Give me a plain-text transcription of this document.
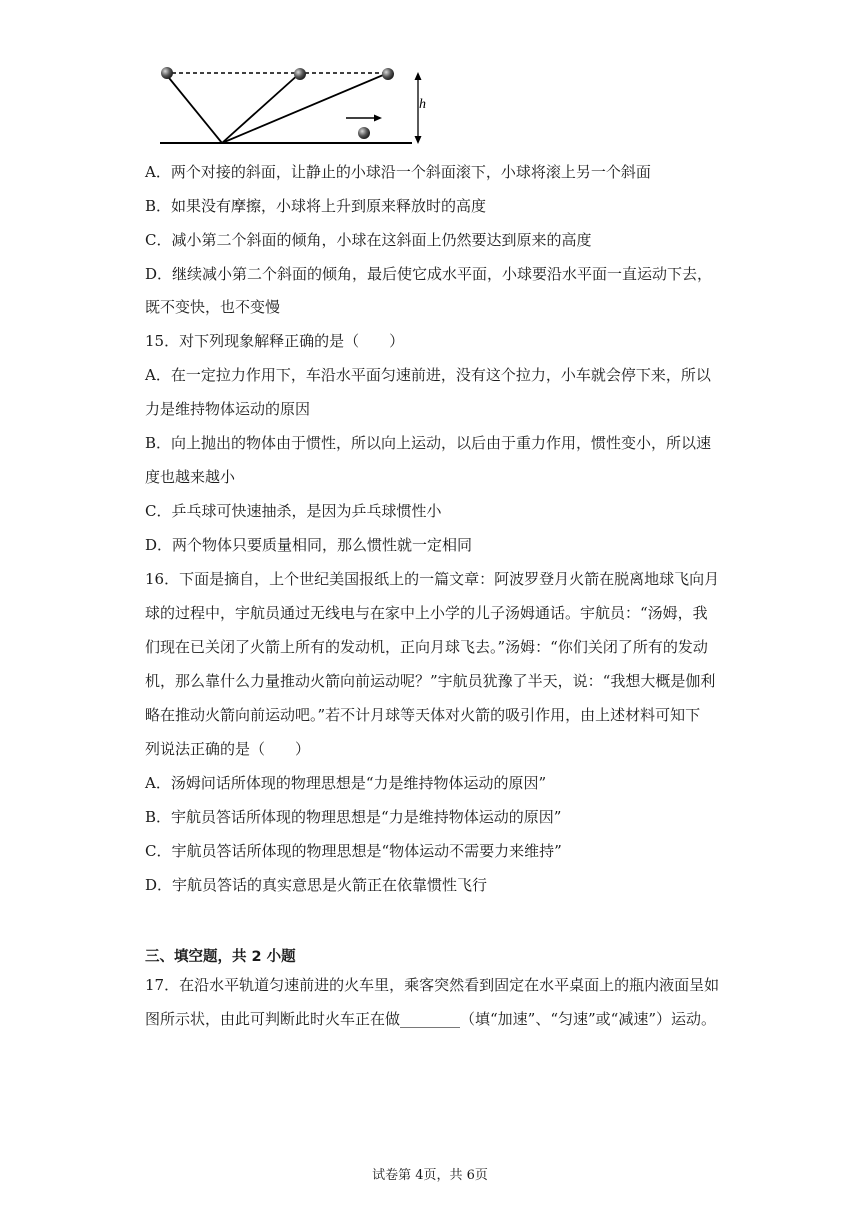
h
A．两个对接的斜面，让静止的小球沿一个斜面滚下，小球将滚上另一个斜面
B．如果没有摩擦，小球将上升到原来释放时的高度
C．减小第二个斜面的倾角，小球在这斜面上仍然要达到原来的高度
D．继续减小第二个斜面的倾角，最后使它成水平面，小球要沿水平面一直运动下去，
既不变快，也不变慢
15．对下列现象解释正确的是（　　）
A．在一定拉力作用下，车沿水平面匀速前进，没有这个拉力，小车就会停下来，所以
力是维持物体运动的原因
B．向上抛出的物体由于惯性，所以向上运动，以后由于重力作用，惯性变小，所以速
度也越来越小
C．乒乓球可快速抽杀，是因为乒乓球惯性小
D．两个物体只要质量相同，那么惯性就一定相同
16．下面是摘自，上个世纪美国报纸上的一篇文章：阿波罗登月火箭在脱离地球飞向月
球的过程中，宇航员通过无线电与在家中上小学的儿子汤姆通话。宇航员：“汤姆，我
们现在已关闭了火箭上所有的发动机，正向月球飞去。”汤姆：“你们关闭了所有的发动
机，那么靠什么力量推动火箭向前运动呢？”宇航员犹豫了半天，说：“我想大概是伽利
略在推动火箭向前运动吧。”若不计月球等天体对火箭的吸引作用，由上述材料可知下
列说法正确的是（　　）
A．汤姆问话所体现的物理思想是“力是维持物体运动的原因”
B．宇航员答话所体现的物理思想是“力是维持物体运动的原因”
C．宇航员答话所体现的物理思想是“物体运动不需要力来维持”
D．宇航员答话的真实意思是火箭正在依靠惯性飞行
三、填空题，共 2 小题
17．在沿水平轨道匀速前进的火车里，乘客突然看到固定在水平桌面上的瓶内液面呈如
图所示状，由此可判断此时火车正在做________（填“加速”、“匀速”或“减速”）运动。
试卷第 4页，共 6页
